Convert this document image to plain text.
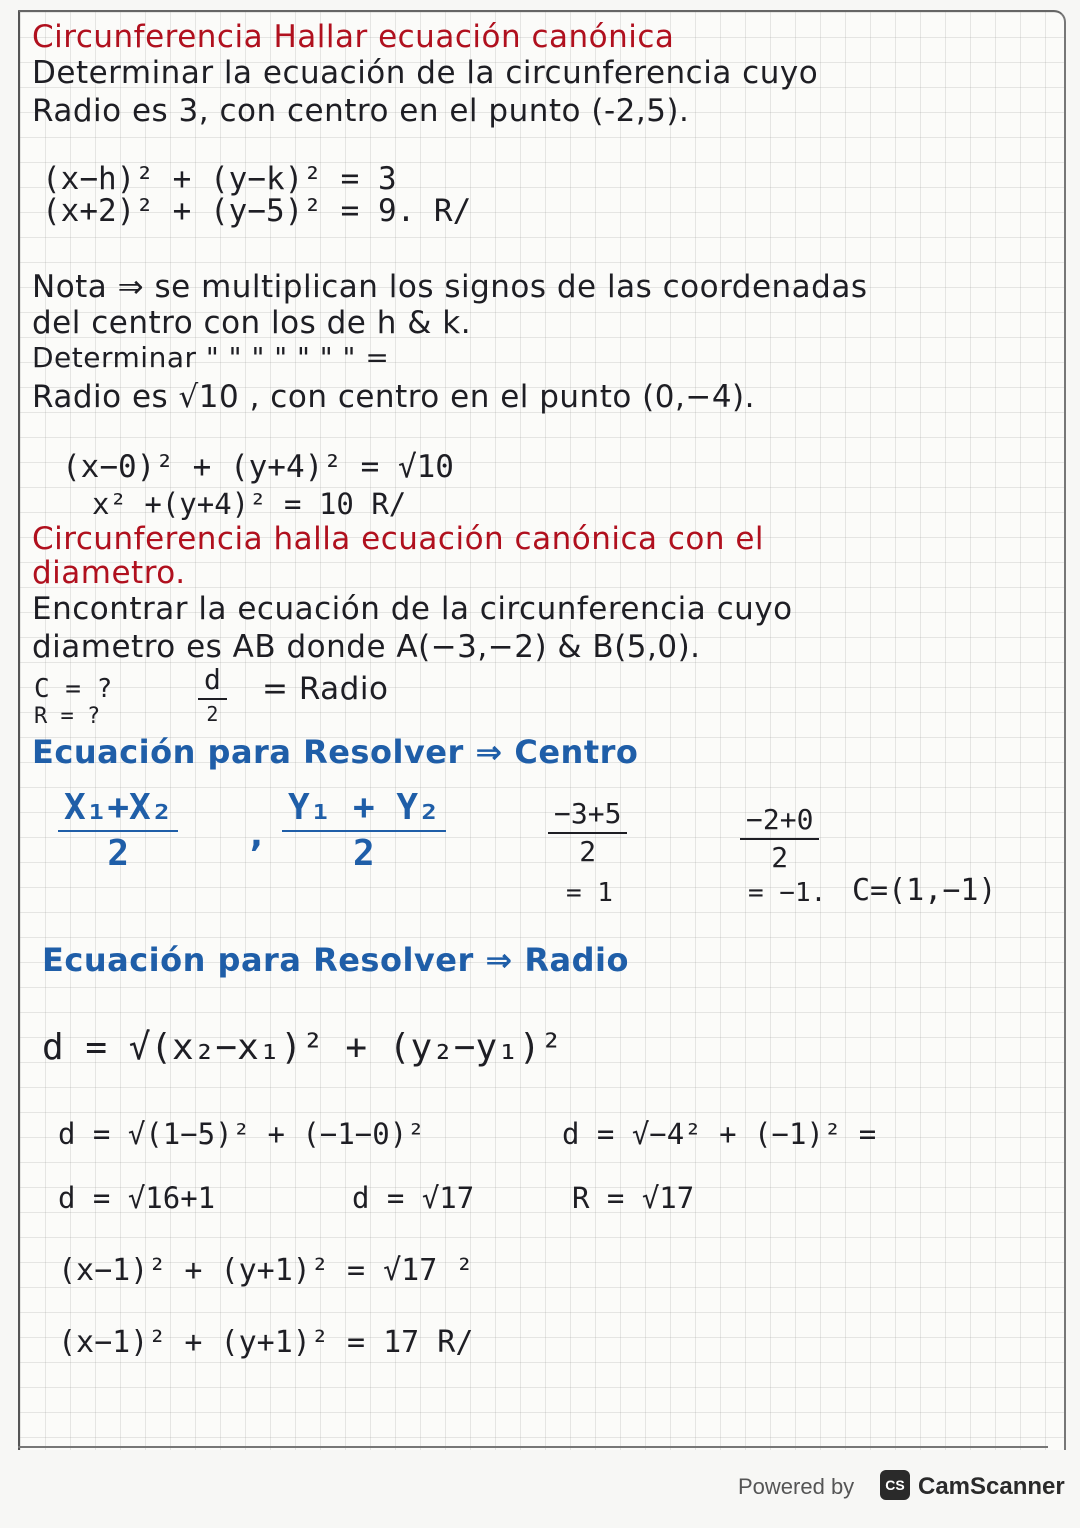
Circunferencia Hallar ecuación canónica
Determinar la ecuación de la circunferencia cuyo
Radio es 3, con centro en el punto (-2,5).
(x−h)² + (y−k)² = 3
(x+2)² + (y−5)² = 9. R/
Nota ⇒ se multiplican los signos de las coordenadas
del centro con los de h & k.
Determinar " " " " " " " =
Radio es √10 , con centro en el punto (0,−4).
(x−0)² + (y+4)² = √10
x² +(y+4)² = 10 R/
Circunferencia halla ecuación canónica con el
diametro.
Encontrar la ecuación de la circunferencia cuyo
diametro es AB donde A(−3,−2) & B(5,0).
C = ?
R = ?
d
2
= Radio
Ecuación para Resolver ⇒ Centro
X₁+X₂
2	,
Y₁ + Y₂
2
−3+5
2
−2+0
2
= 1	= −1. C=(1,−1)
Ecuación para Resolver ⇒ Radio
d = √(x₂−x₁)² + (y₂−y₁)²
d = √(1−5)² + (−1−0)²	d = √−4² + (−1)² =
d = √16+1	d = √17	R = √17
(x−1)² + (y+1)² = √17 ²
(x−1)² + (y+1)² = 17 R/
Powered by	CS CamScanner
